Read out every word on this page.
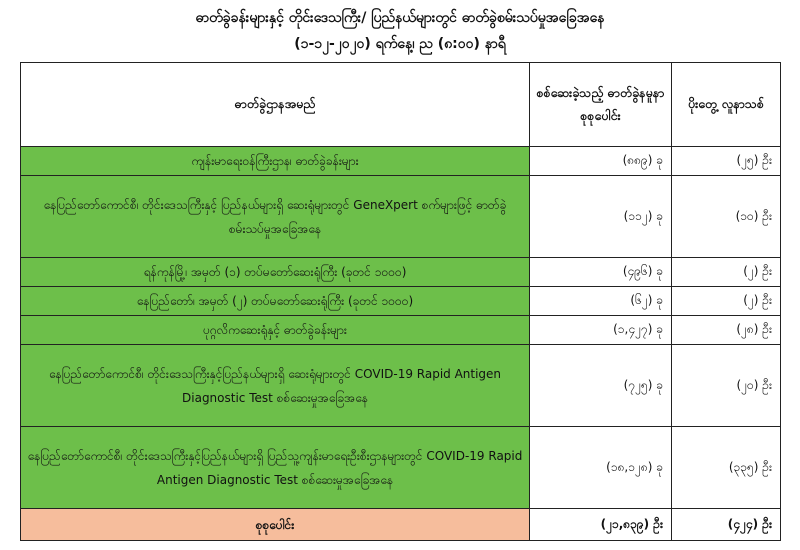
ဓာတ်ခွဲခန်းများနှင့် တိုင်းဒေသကြီး/ ပြည်နယ်များတွင် ဓာတ်ခွဲစမ်းသပ်မှုအခြေအနေ
(၁-၁၂-၂၀၂၀) ရက်နေ့၊ ည (၈:၀၀) နာရီ
ဓာတ်ခွဲဌာနအမည်	စစ်ဆေးခဲ့သည့် ဓာတ်ခွဲနမူနာ စုစုပေါင်း	ပိုးတွေ့ လူနာသစ်
ကျန်းမာရေးဝန်ကြီးဌာန၊ ဓာတ်ခွဲခန်းများ	(၈၈၉) ခု	(၂၅) ဦး
နေပြည်တော်ကောင်စီ၊ တိုင်းဒေသကြီးနှင့် ပြည်နယ်များရှိ ဆေးရုံများတွင် GeneXpert စက်များဖြင့် ဓာတ်ခွဲစမ်းသပ်မှုအခြေအနေ	(၁၁၂) ခု	(၁၀) ဦး
ရန်ကုန်မြို့၊ အမှတ် (၁) တပ်မတော်ဆေးရုံကြီး (ခုတင် ၁၀၀၀)	(၄၉၆) ခု	(၂) ဦး
နေပြည်တော်၊ အမှတ် (၂) တပ်မတော်ဆေးရုံကြီး (ခုတင် ၁၀၀၀)	(၆၂) ခု	(၂) ဦး
ပုဂ္ဂလိကဆေးရုံနှင့် ဓာတ်ခွဲခန်းများ	(၁,၄၂၇) ခု	(၂၈) ဦး
နေပြည်တော်ကောင်စီ၊ တိုင်းဒေသကြီးနှင့်ပြည်နယ်များရှိ ဆေးရုံများတွင် COVID-19 Rapid Antigen Diagnostic Test စစ်ဆေးမှုအခြေအနေ	(၇၂၅) ခု	(၂၀) ဦး
နေပြည်တော်ကောင်စီ၊ တိုင်းဒေသကြီးနှင့်ပြည်နယ်များရှိ ပြည်သူ့ကျန်းမာရေးဦးစီးဌာနများတွင် COVID-19 Rapid Antigen Diagnostic Test စစ်ဆေးမှုအခြေအနေ	(၁၈,၁၂၈) ခု	(၃၃၅) ဦး
စုစုပေါင်း	(၂၁,၈၃၉) ဦး	(၄၂၄) ဦး
